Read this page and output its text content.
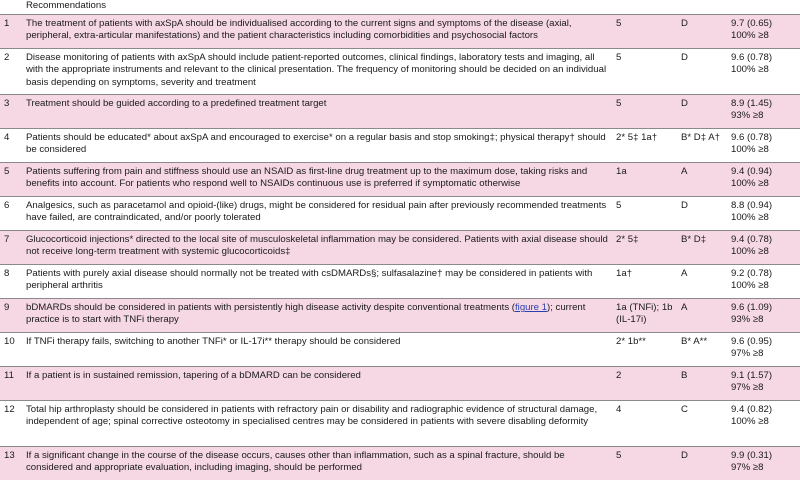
	Recommendations			
1	The treatment of patients with axSpA should be individualised according to the current signs and symptoms of the disease (axial, peripheral, extra-articular manifestations) and the patient characteristics including comorbidities and psychosocial factors	5	D	9.7 (0.65)
100% ≥8

2	Disease monitoring of patients with axSpA should include patient-reported outcomes, clinical findings, laboratory tests and imaging, all with the appropriate instruments and relevant to the clinical presentation. The frequency of monitoring should be decided on an individual basis depending on symptoms, severity and treatment	5	D	9.6 (0.78)
100% ≥8

3	Treatment should be guided according to a predefined treatment target	5	D	8.9 (1.45)
93% ≥8

4	Patients should be educated* about axSpA and encouraged to exercise* on a regular basis and stop smoking‡; physical therapy† should be considered	2* 5‡ 1a†	B* D‡ A†	9.6 (0.78)
100% ≥8

5	Patients suffering from pain and stiffness should use an NSAID as first-line drug treatment up to the maximum dose, taking risks and benefits into account. For patients who respond well to NSAIDs continuous use is preferred if symptomatic otherwise	1a	A	9.4 (0.94)
100% ≥8

6	Analgesics, such as paracetamol and opioid-(like) drugs, might be considered for residual pain after previously recommended treatments have failed, are contraindicated, and/or poorly tolerated	5	D	8.8 (0.94)
100% ≥8

7	Glucocorticoid injections* directed to the local site of musculoskeletal inflammation may be considered. Patients with axial disease should not receive long-term treatment with systemic glucocorticoids‡	2* 5‡	B* D‡	9.4 (0.78)
100% ≥8

8	Patients with purely axial disease should normally not be treated with csDMARDs§; sulfasalazine† may be considered in patients with peripheral arthritis	1a†	A	9.2 (0.78)
100% ≥8

9	bDMARDs should be considered in patients with persistently high disease activity despite conventional treatments (figure 1); current practice is to start with TNFi therapy	1a (TNFi); 1b (IL-17i)	A	9.6 (1.09)
93% ≥8

10	If TNFi therapy fails, switching to another TNFi* or IL-17i** therapy should be considered	2* 1b**	B* A**	9.6 (0.95)
97% ≥8

11	If a patient is in sustained remission, tapering of a bDMARD can be considered	2	B	9.1 (1.57)
97% ≥8

12	Total hip arthroplasty should be considered in patients with refractory pain or disability and radiographic evidence of structural damage, independent of age; spinal corrective osteotomy in specialised centres may be considered in patients with severe disabling deformity	4	C	9.4 (0.82)
100% ≥8

13	If a significant change in the course of the disease occurs, causes other than inflammation, such as a spinal fracture, should be considered and appropriate evaluation, including imaging, should be performed	5	D	9.9 (0.31)
97% ≥8
